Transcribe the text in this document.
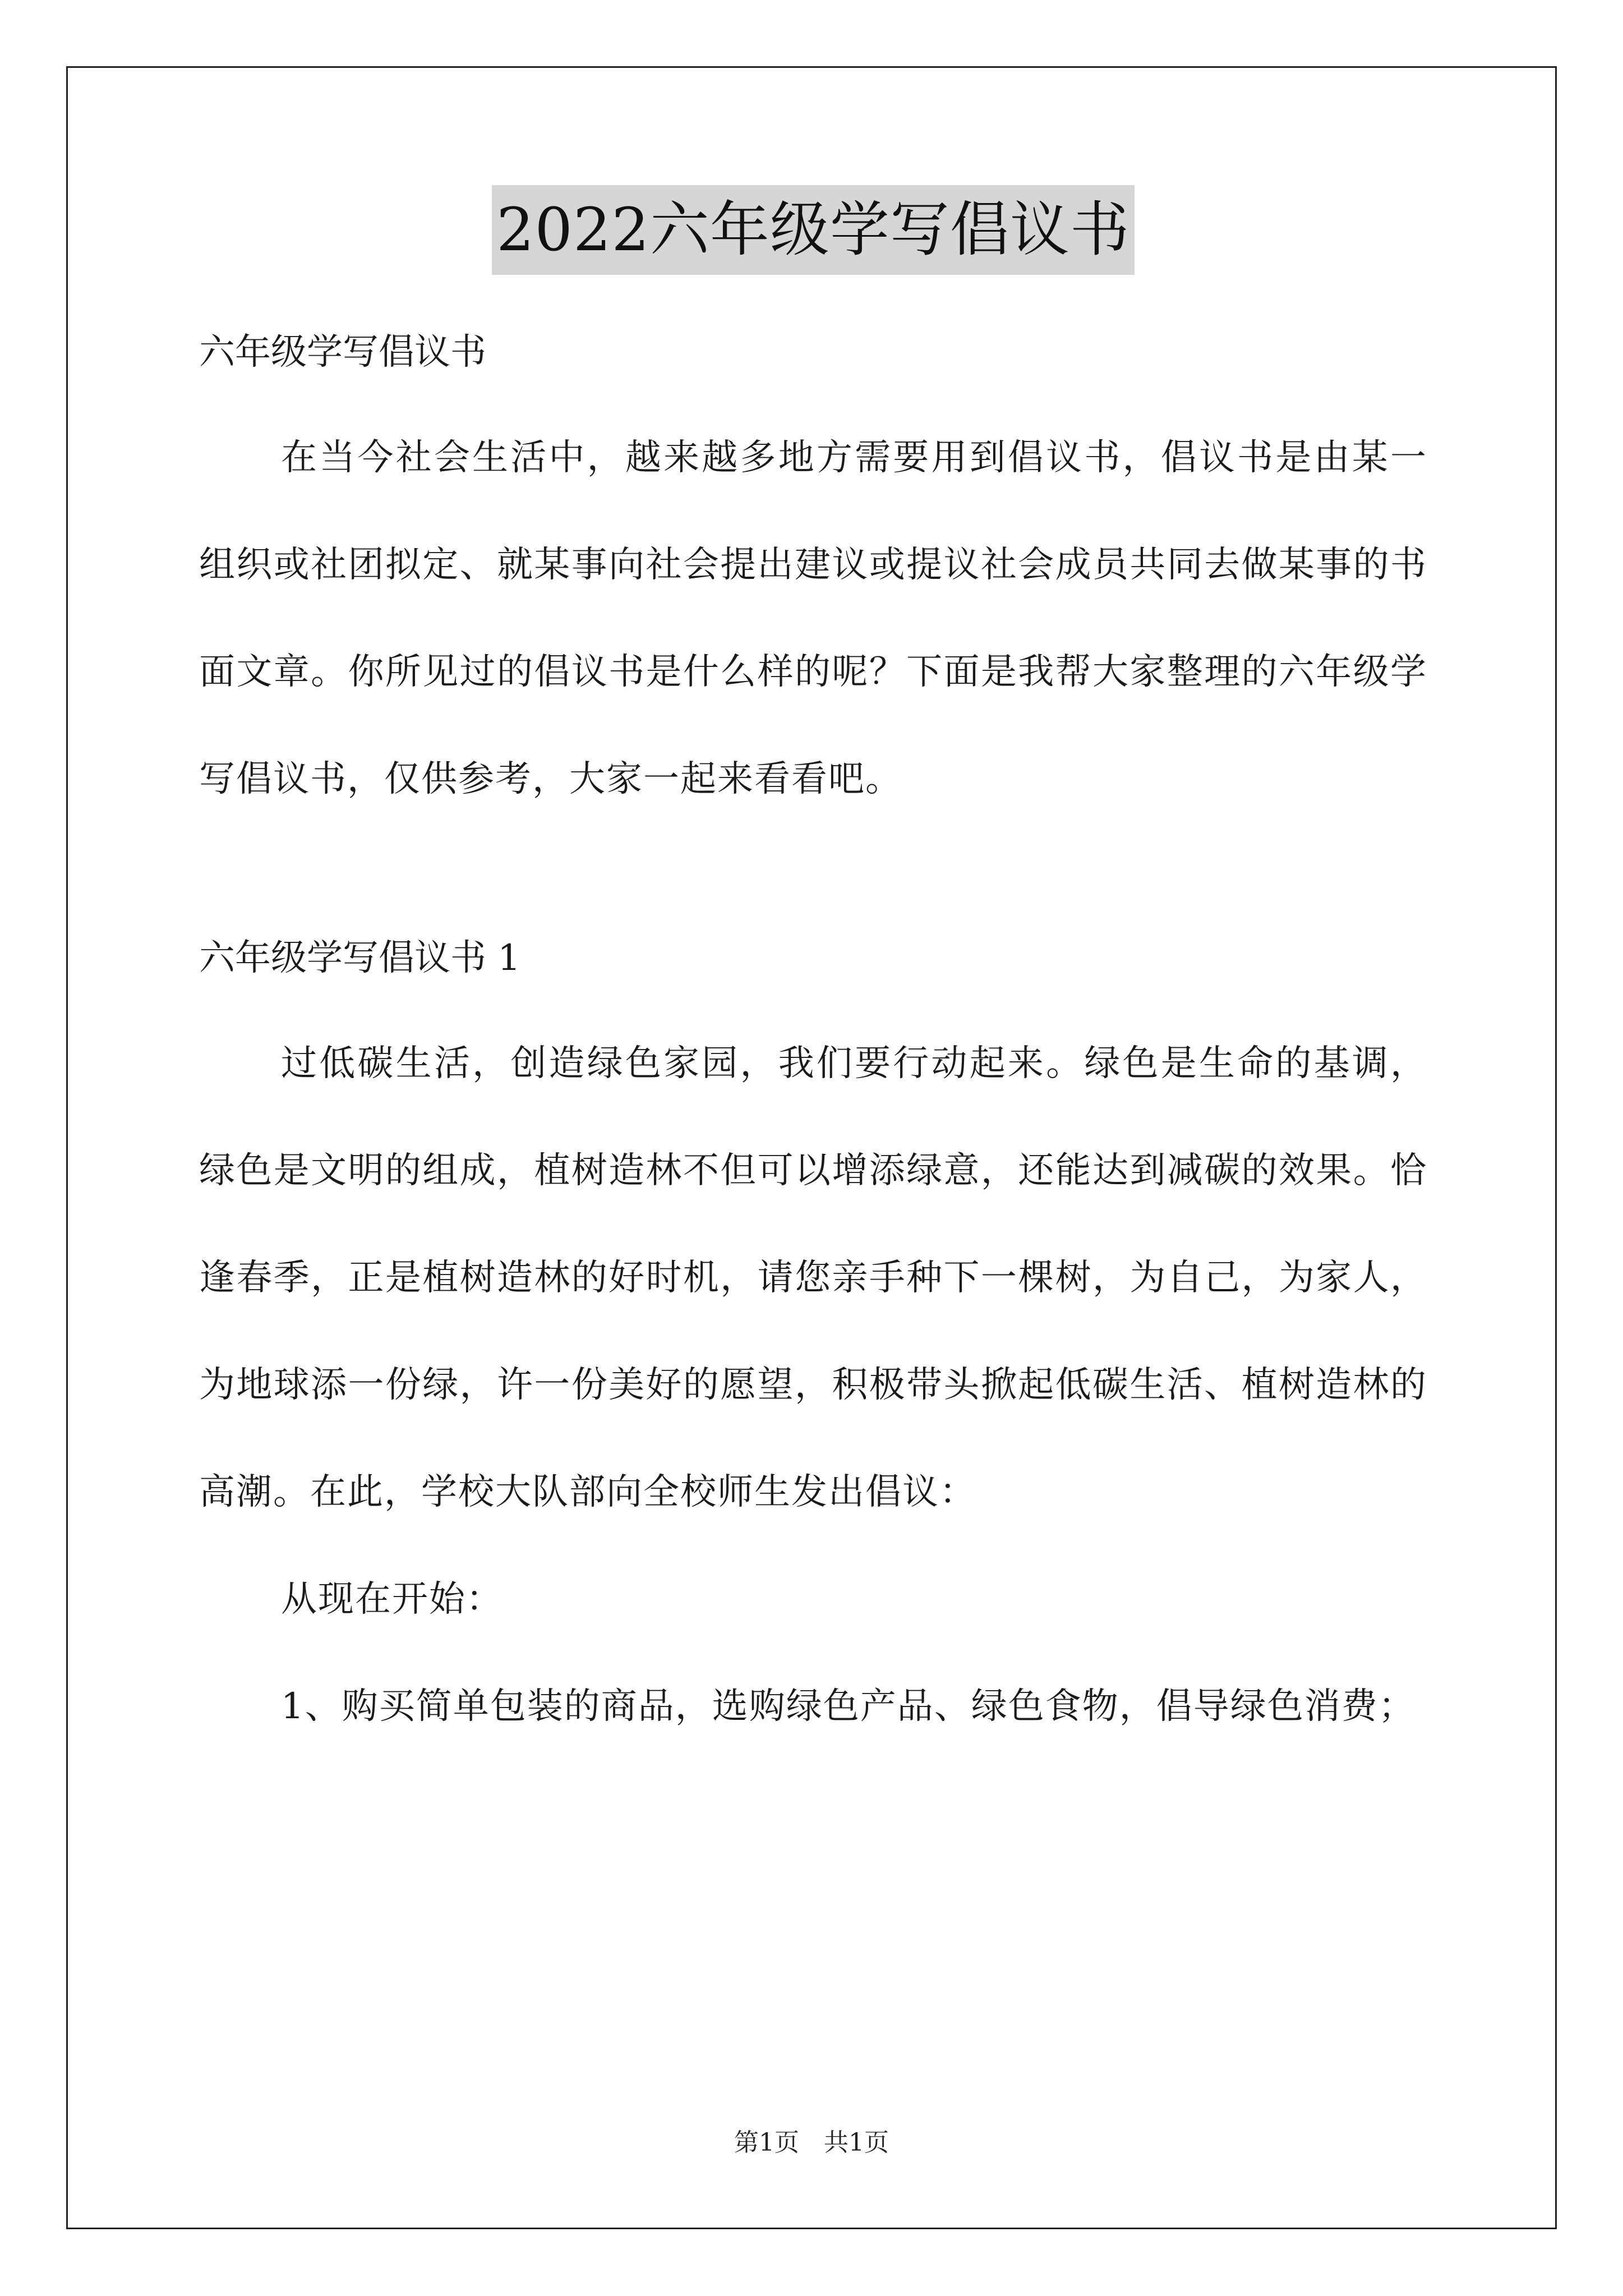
2022六年级学写倡议书

六年级学写倡议书

在当今社会生活中，越来越多地方需要用到倡议书，倡议书是由某一组织或社团拟定、就某事向社会提出建议或提议社会成员共同去做某事的书面文章。你所见过的倡议书是什么样的呢？下面是我帮大家整理的六年级学写倡议书，仅供参考，大家一起来看看吧。

六年级学写倡议书 1

过低碳生活，创造绿色家园，我们要行动起来。绿色是生命的基调，绿色是文明的组成，植树造林不但可以增添绿意，还能达到减碳的效果。恰逢春季，正是植树造林的好时机，请您亲手种下一棵树，为自己，为家人，为地球添一份绿，许一份美好的愿望，积极带头掀起低碳生活、植树造林的高潮。在此，学校大队部向全校师生发出倡议：

从现在开始：

1、购买简单包装的商品，选购绿色产品、绿色食物，倡导绿色消费；

第1页 共1页
